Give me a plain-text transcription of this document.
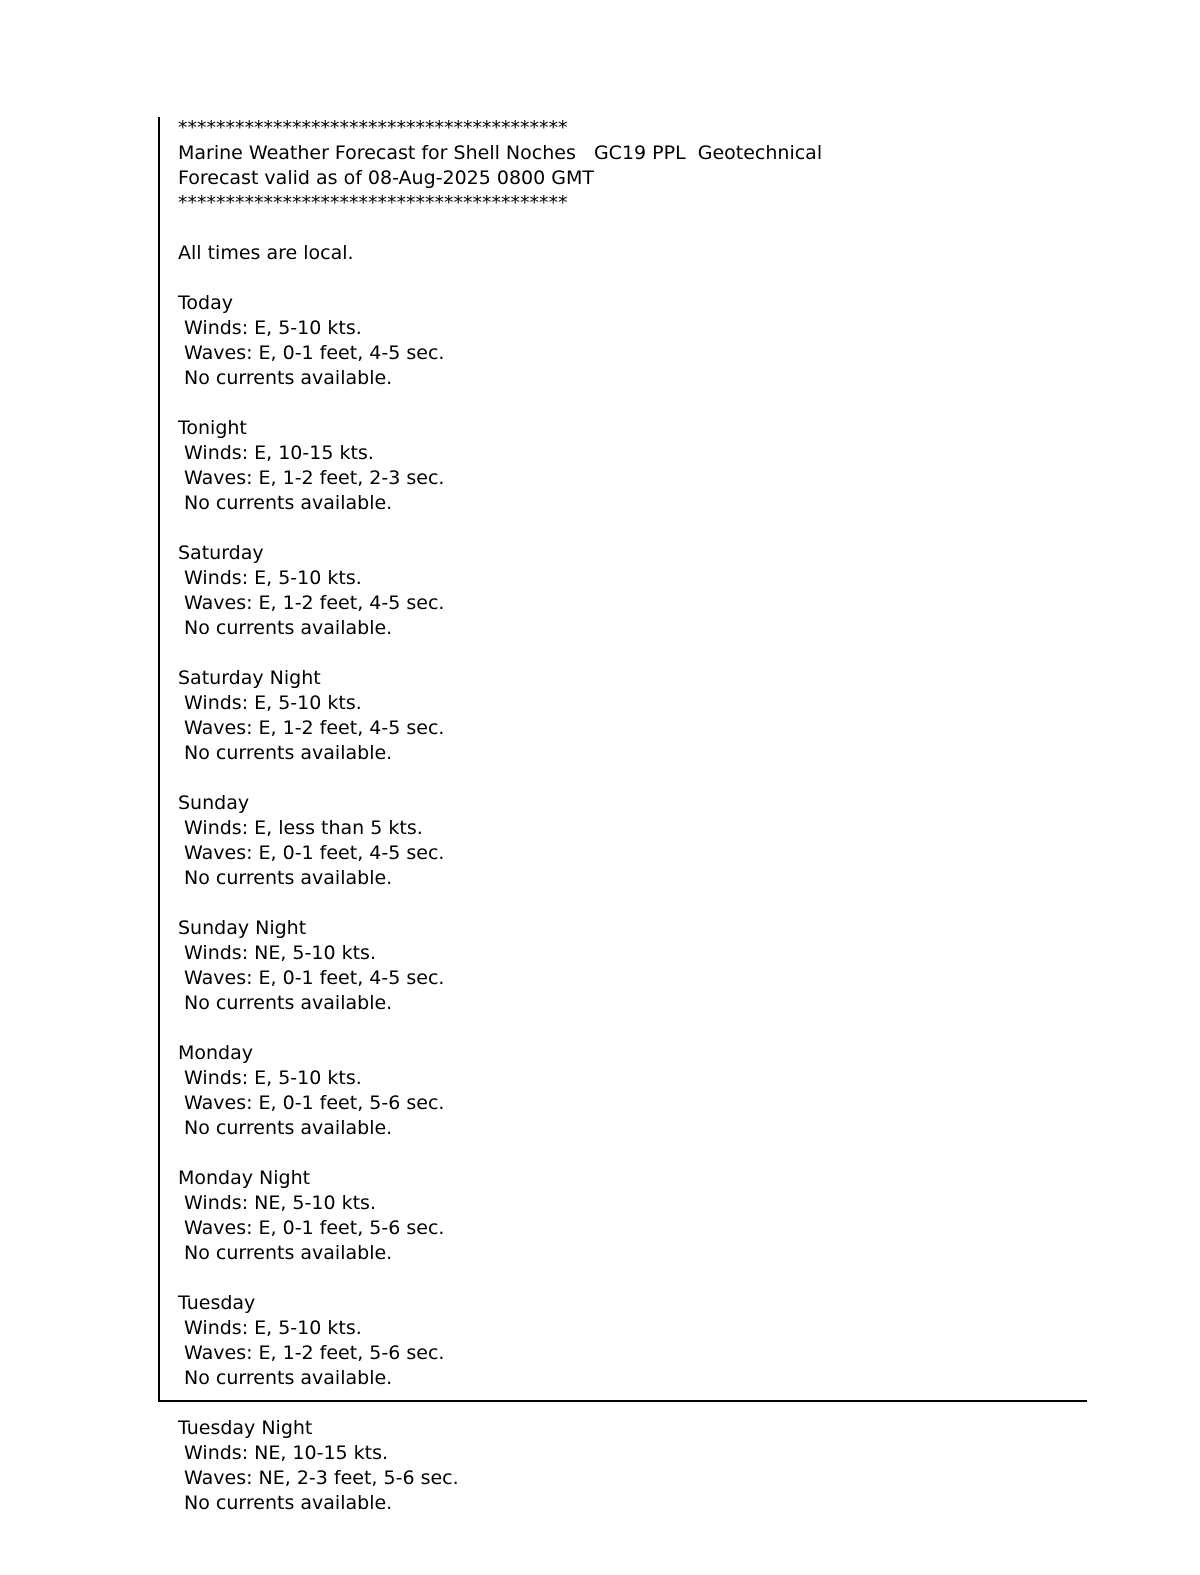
*****************************************
Marine Weather Forecast for Shell Noches   GC19 PPL  Geotechnical
Forecast valid as of 08-Aug-2025 0800 GMT
*****************************************
All times are local.
Today
Winds: E, 5-10 kts.
Waves: E, 0-1 feet, 4-5 sec.
No currents available.
Tonight
Winds: E, 10-15 kts.
Waves: E, 1-2 feet, 2-3 sec.
No currents available.
Saturday
Winds: E, 5-10 kts.
Waves: E, 1-2 feet, 4-5 sec.
No currents available.
Saturday Night
Winds: E, 5-10 kts.
Waves: E, 1-2 feet, 4-5 sec.
No currents available.
Sunday
Winds: E, less than 5 kts.
Waves: E, 0-1 feet, 4-5 sec.
No currents available.
Sunday Night
Winds: NE, 5-10 kts.
Waves: E, 0-1 feet, 4-5 sec.
No currents available.
Monday
Winds: E, 5-10 kts.
Waves: E, 0-1 feet, 5-6 sec.
No currents available.
Monday Night
Winds: NE, 5-10 kts.
Waves: E, 0-1 feet, 5-6 sec.
No currents available.
Tuesday
Winds: E, 5-10 kts.
Waves: E, 1-2 feet, 5-6 sec.
No currents available.
Tuesday Night
Winds: NE, 10-15 kts.
Waves: NE, 2-3 feet, 5-6 sec.
No currents available.
